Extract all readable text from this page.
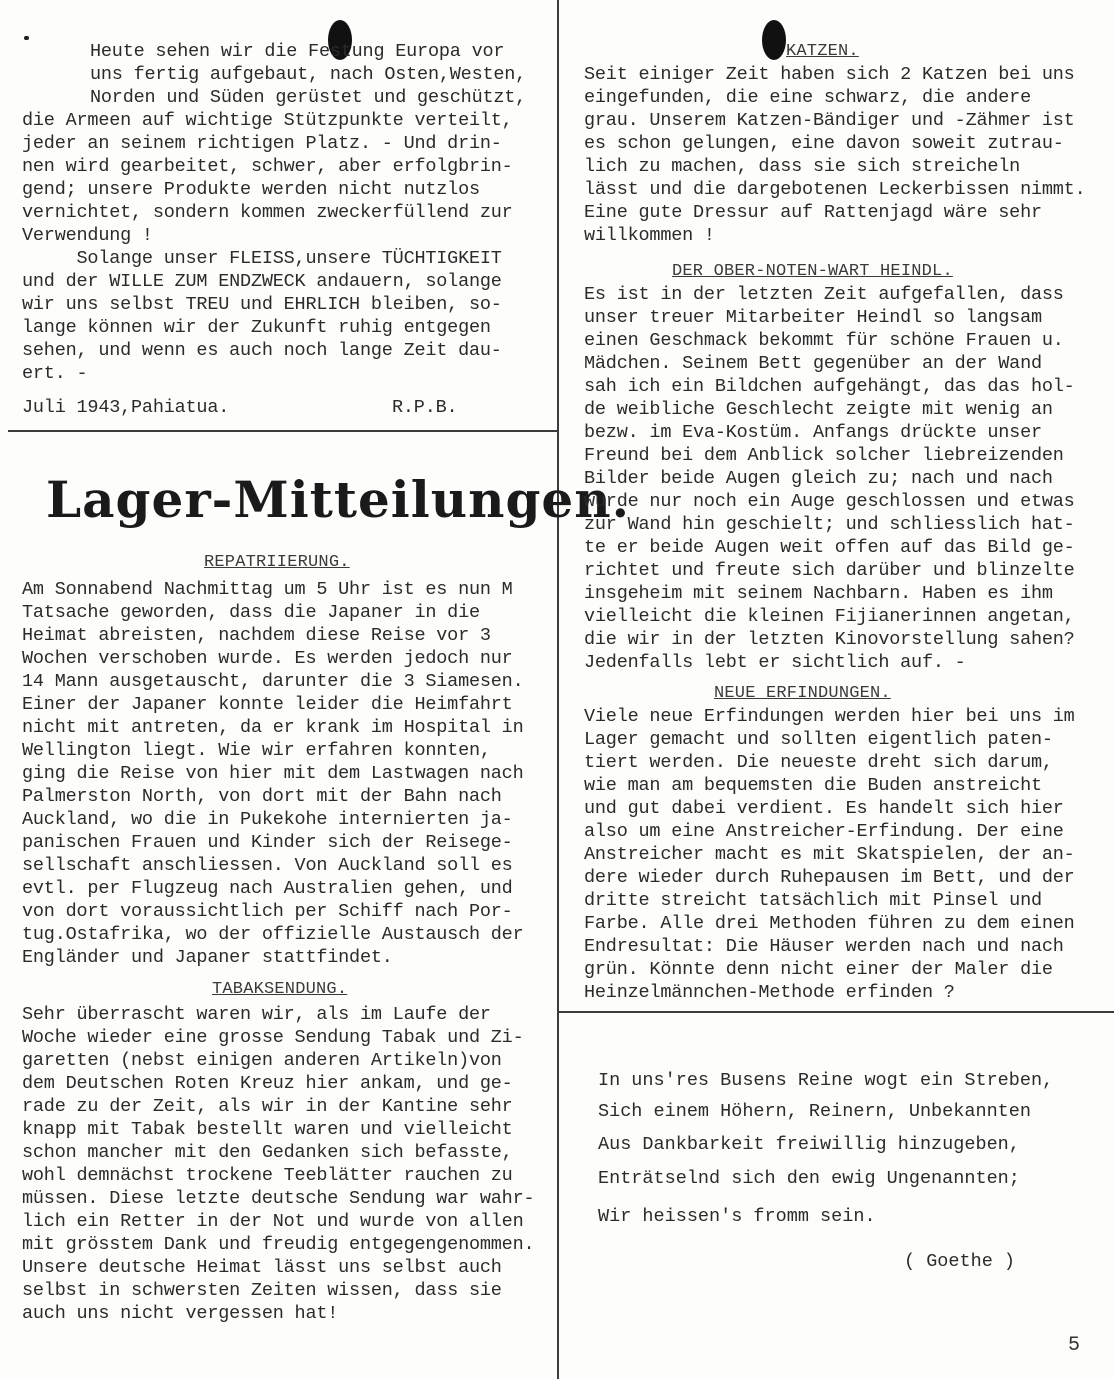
Heute sehen wir die Festung Europa vor
uns fertig aufgebaut, nach Osten,Westen,
Norden und Süden gerüstet und geschützt,
die Armeen auf wichtige Stützpunkte verteilt,
jeder an seinem richtigen Platz. - Und drin-
nen wird gearbeitet, schwer, aber erfolgbrin-
gend; unsere Produkte werden nicht nutzlos
vernichtet, sondern kommen zweckerfüllend zur
Verwendung !
Solange unser FLEISS,unsere TÜCHTIGKEIT
und der WILLE ZUM ENDZWECK andauern, solange
wir uns selbst TREU und EHRLICH bleiben, so-
lange können wir der Zukunft ruhig entgegen
sehen, und wenn es auch noch lange Zeit dau-
ert. -
Juli 1943,Pahiatua.	R.P.B.
Lager-Mitteilungen.
REPATRIIERUNG.
Am Sonnabend Nachmittag um 5 Uhr ist es nun M
Tatsache geworden, dass die Japaner in die
Heimat abreisten, nachdem diese Reise vor 3
Wochen verschoben wurde. Es werden jedoch nur
14 Mann ausgetauscht, darunter die 3 Siamesen.
Einer der Japaner konnte leider die Heimfahrt
nicht mit antreten, da er krank im Hospital in
Wellington liegt. Wie wir erfahren konnten,
ging die Reise von hier mit dem Lastwagen nach
Palmerston North, von dort mit der Bahn nach
Auckland, wo die in Pukekohe internierten ja-
panischen Frauen und Kinder sich der Reisege-
sellschaft anschliessen. Von Auckland soll es
evtl. per Flugzeug nach Australien gehen, und
von dort voraussichtlich per Schiff nach Por-
tug.Ostafrika, wo der offizielle Austausch der
Engländer und Japaner stattfindet.
TABAKSENDUNG.
Sehr überrascht waren wir, als im Laufe der
Woche wieder eine grosse Sendung Tabak und Zi-
garetten (nebst einigen anderen Artikeln)von
dem Deutschen Roten Kreuz hier ankam, und ge-
rade zu der Zeit, als wir in der Kantine sehr
knapp mit Tabak bestellt waren und vielleicht
schon mancher mit den Gedanken sich befasste,
wohl demnächst trockene Teeblätter rauchen zu
müssen. Diese letzte deutsche Sendung war wahr-
lich ein Retter in der Not und wurde von allen
mit grösstem Dank und freudig entgegengenommen.
Unsere deutsche Heimat lässt uns selbst auch
selbst in schwersten Zeiten wissen, dass sie
auch uns nicht vergessen hat!
KATZEN.
Seit einiger Zeit haben sich 2 Katzen bei uns
eingefunden, die eine schwarz, die andere
grau. Unserem Katzen-Bändiger und -Zähmer ist
es schon gelungen, eine davon soweit zutrau-
lich zu machen, dass sie sich streicheln
lässt und die dargebotenen Leckerbissen nimmt.
Eine gute Dressur auf Rattenjagd wäre sehr
willkommen !
DER OBER-NOTEN-WART HEINDL.
Es ist in der letzten Zeit aufgefallen, dass
unser treuer Mitarbeiter Heindl so langsam
einen Geschmack bekommt für schöne Frauen u.
Mädchen. Seinem Bett gegenüber an der Wand
sah ich ein Bildchen aufgehängt, das das hol-
de weibliche Geschlecht zeigte mit wenig an
bezw. im Eva-Kostüm. Anfangs drückte unser
Freund bei dem Anblick solcher liebreizenden
Bilder beide Augen gleich zu; nach und nach
wurde nur noch ein Auge geschlossen und etwas
zur Wand hin geschielt; und schliesslich hat-
te er beide Augen weit offen auf das Bild ge-
richtet und freute sich darüber und blinzelte
insgeheim mit seinem Nachbarn. Haben es ihm
vielleicht die kleinen Fijianerinnen angetan,
die wir in der letzten Kinovorstellung sahen?
Jedenfalls lebt er sichtlich auf. -
NEUE ERFINDUNGEN.
Viele neue Erfindungen werden hier bei uns im
Lager gemacht und sollten eigentlich paten-
tiert werden. Die neueste dreht sich darum,
wie man am bequemsten die Buden anstreicht
und gut dabei verdient. Es handelt sich hier
also um eine Anstreicher-Erfindung. Der eine
Anstreicher macht es mit Skatspielen, der an-
dere wieder durch Ruhepausen im Bett, und der
dritte streicht tatsächlich mit Pinsel und
Farbe. Alle drei Methoden führen zu dem einen
Endresultat: Die Häuser werden nach und nach
grün. Könnte denn nicht einer der Maler die
Heinzelmännchen-Methode erfinden ?
In uns'res Busens Reine wogt ein Streben,
Sich einem Höhern, Reinern, Unbekannten
Aus Dankbarkeit freiwillig hinzugeben,
Enträtselnd sich den ewig Ungenannten;
Wir heissen's fromm sein.
( Goethe )
5
